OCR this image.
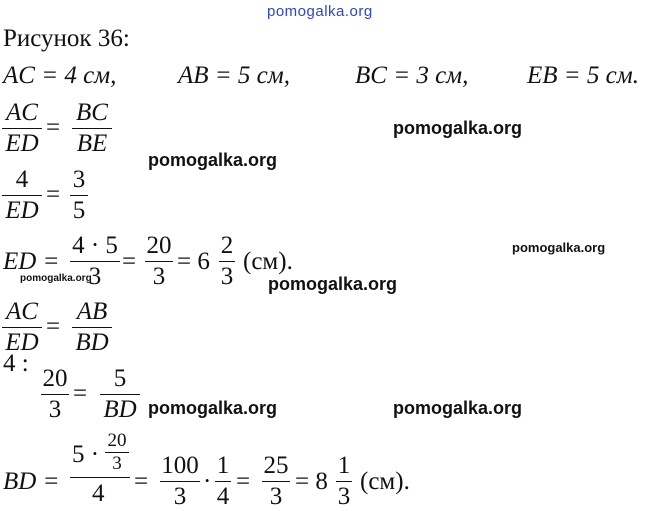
pomogalka.org
pomogalka.org
pomogalka.org
pomogalka.org
pomogalka.org	pomogalka.org
pomogalka.org	pomogalka.org
Рисунок 36:
AC = 4 см, AB = 5 см,	BC = 3 см, EB = 5 см.
AC
ED
=
BC
BE
4
ED
=
3
5
ED =
4 · 5
3
=
20
3
= 6
2
3
(см).
AC
ED
=
AB
BD
4 :
20
3
=
5
BD
BD =
5 ·
20
3
4 =
100
3
·
1
4
=
25
3
= 8
1
3
(см).
